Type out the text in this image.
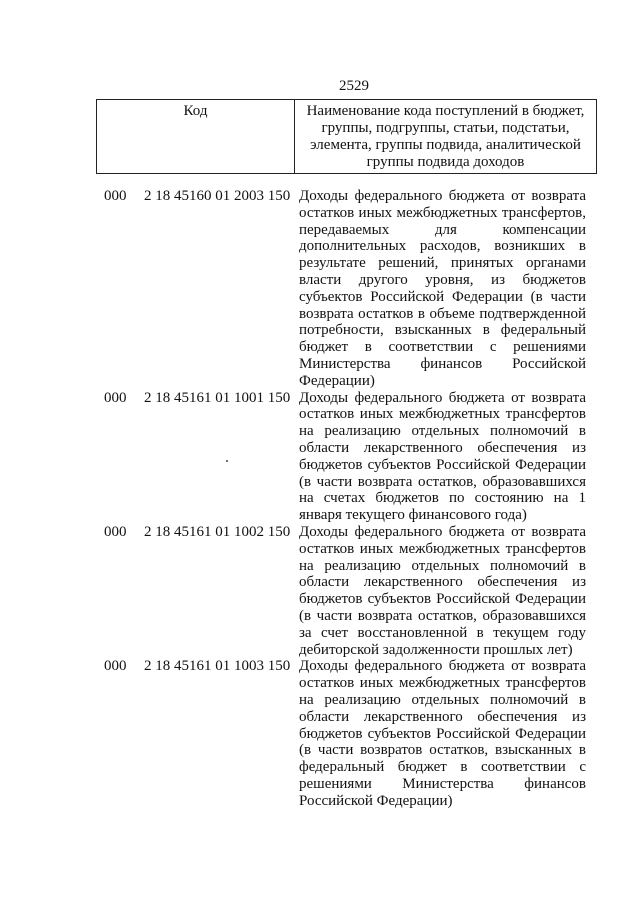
2529
Код	Наименование кода поступлений в бюджет, группы, подгруппы, статьи, подстатьи, элемента, группы подвида, аналитической группы подвида доходов
000	2 18 45160 01 2003 150 Доходы федерального бюджета от возврата остатков иных межбюджетных трансфертов, передаваемых для компенсации дополнительных расходов, возникших в результате решений, принятых органами власти другого уровня, из бюджетов субъектов Российской Федерации (в части возврата остатков в объеме подтвержденной потребности, взысканных в федеральный бюджет в соответствии с решениями Министерства финансов Российской Федерации)
000	2 18 45161 01 1001 150 Доходы федерального бюджета от возврата остатков иных межбюджетных трансфертов на реализацию отдельных полномочий в области лекарственного обеспечения из бюджетов субъектов Российской Федерации (в части возврата остатков, образовавшихся на счетах бюджетов по состоянию на 1 января текущего финансового года)
000	2 18 45161 01 1002 150 Доходы федерального бюджета от возврата остатков иных межбюджетных трансфертов на реализацию отдельных полномочий в области лекарственного обеспечения из бюджетов субъектов Российской Федерации (в части возврата остатков, образовавшихся за счет восстановленной в текущем году дебиторской задолженности прошлых лет)
000	2 18 45161 01 1003 150 Доходы федерального бюджета от возврата остатков иных межбюджетных трансфертов на реализацию отдельных полномочий в области лекарственного обеспечения из бюджетов субъектов Российской Федерации (в части возвратов остатков, взысканных в федеральный бюджет в соответствии с решениями Министерства финансов Российской Федерации)
